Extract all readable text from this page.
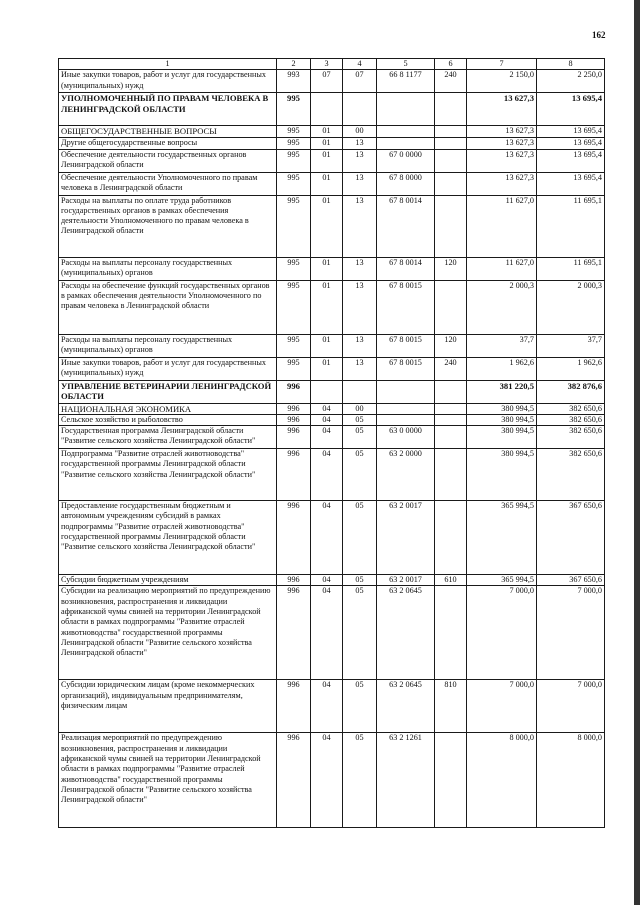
162
1	2	3	4	5	6	7	8
Иные закупки товаров, работ и услуг для государственных (муниципальных) нужд	993	07	07	66 8 1177	240	2 150,0	2 250,0
УПОЛНОМОЧЕННЫЙ ПО ПРАВАМ ЧЕЛОВЕКА В ЛЕНИНГРАДСКОЙ ОБЛАСТИ	995					13 627,3	13 695,4
ОБЩЕГОСУДАРСТВЕННЫЕ ВОПРОСЫ	995	01	00			13 627,3	13 695,4
Другие общегосударственные вопросы	995	01	13			13 627,3	13 695,4
Обеспечение деятельности государственных органов Ленинградской области	995	01	13	67 0 0000		13 627,3	13 695,4
Обеспечение деятельности Уполномоченного по правам человека в Ленинградской области	995	01	13	67 8 0000		13 627,3	13 695,4
Расходы на выплаты по оплате труда работников государственных органов в рамках обеспечения деятельности Уполномоченного по правам человека в Ленинградской области	995	01	13	67 8 0014		11 627,0	11 695,1
Расходы на выплаты персоналу государственных (муниципальных) органов	995	01	13	67 8 0014	120	11 627,0	11 695,1
Расходы на обеспечение функций государственных органов в рамках обеспечения деятельности Уполномоченного по правам человека в Ленинградской области	995	01	13	67 8 0015		2 000,3	2 000,3
Расходы на выплаты персоналу государственных (муниципальных) органов	995	01	13	67 8 0015	120	37,7	37,7
Иные закупки товаров, работ и услуг для государственных (муниципальных) нужд	995	01	13	67 8 0015	240	1 962,6	1 962,6
УПРАВЛЕНИЕ ВЕТЕРИНАРИИ ЛЕНИНГРАДСКОЙ ОБЛАСТИ	996					381 220,5	382 876,6
НАЦИОНАЛЬНАЯ ЭКОНОМИКА	996	04	00			380 994,5	382 650,6
Сельское хозяйство и рыболовство	996	04	05			380 994,5	382 650,6
Государственная программа Ленинградской области "Развитие сельского хозяйства Ленинградской области"	996	04	05	63 0 0000		380 994,5	382 650,6
Подпрограмма "Развитие отраслей животноводства" государственной программы Ленинградской области "Развитие сельского хозяйства Ленинградской области"	996	04	05	63 2 0000		380 994,5	382 650,6
Предоставление государственным бюджетным и автономным учреждениям субсидий в рамках подпрограммы "Развитие отраслей животноводства" государственной программы Ленинградской области "Развитие сельского хозяйства Ленинградской области"	996	04	05	63 2 0017		365 994,5	367 650,6
Субсидии бюджетным учреждениям	996	04	05	63 2 0017	610	365 994,5	367 650,6
Субсидии на реализацию мероприятий по предупреждению возникновения, распространения и ликвидации африканской чумы свиней на территории Ленинградской области в рамках подпрограммы "Развитие отраслей животноводства" государственной программы Ленинградской области "Развитие сельского хозяйства Ленинградской области"	996	04	05	63 2 0645		7 000,0	7 000,0
Субсидии юридическим лицам (кроме некоммерческих организаций), индивидуальным предпринимателям, физическим лицам	996	04	05	63 2 0645	810	7 000,0	7 000,0
Реализация мероприятий по предупреждению возникновения, распространения и ликвидации африканской чумы свиней на территории Ленинградской области в рамках подпрограммы "Развитие отраслей животноводства" государственной программы Ленинградской области "Развитие сельского хозяйства Ленинградской области"	996	04	05	63 2 1261		8 000,0	8 000,0
